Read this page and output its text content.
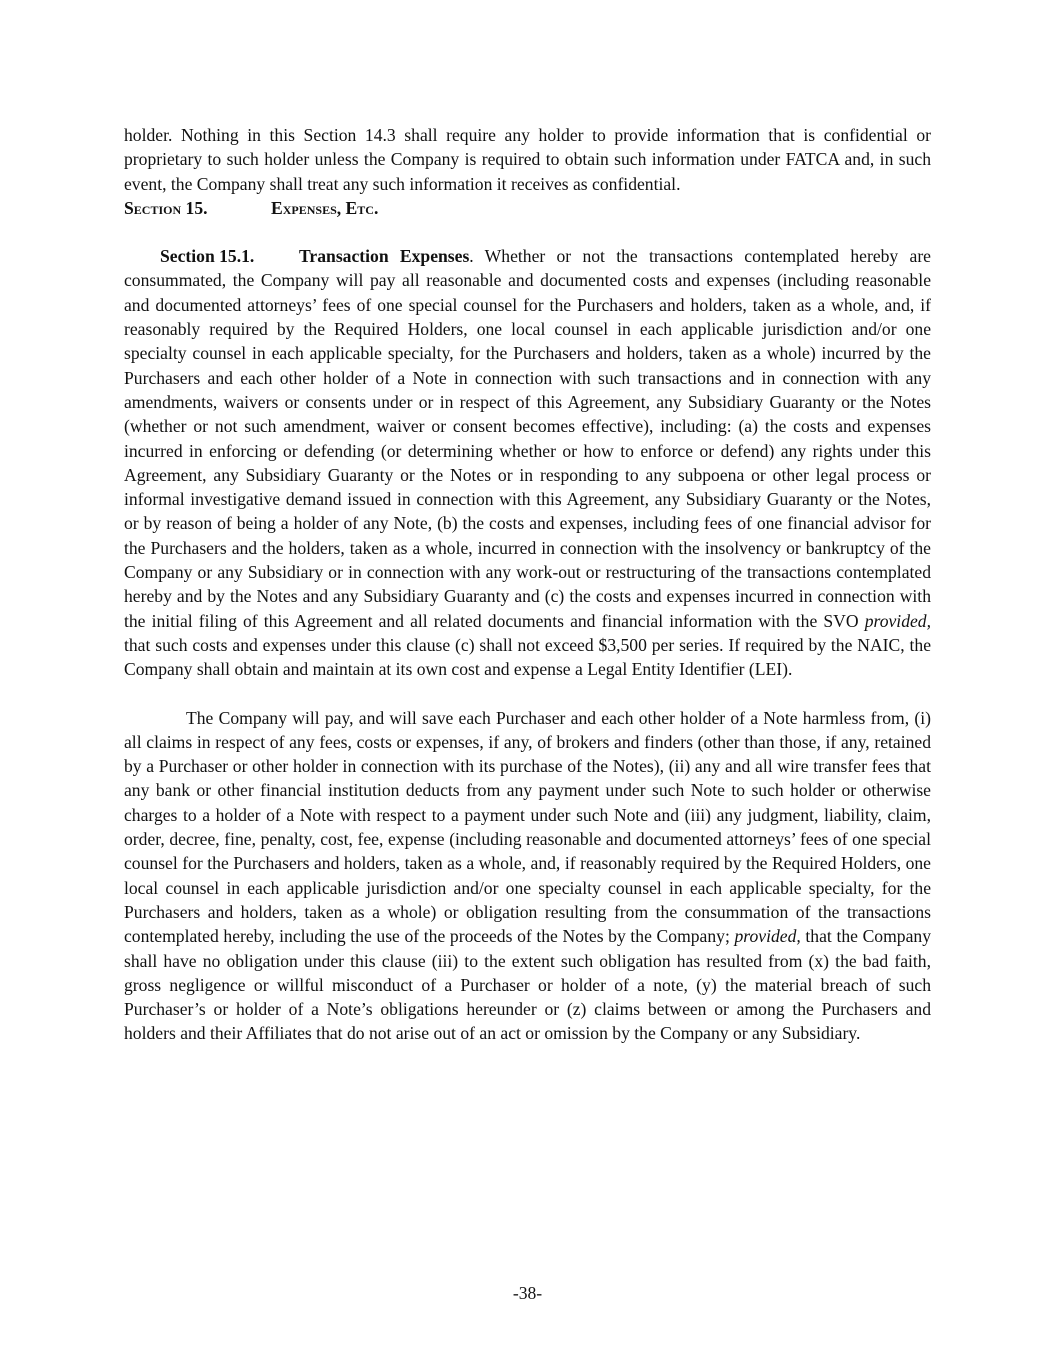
holder. Nothing in this Section 14.3 shall require any holder to provide information that is confidential or proprietary to such holder unless the Company is required to obtain such information under FATCA and, in such event, the Company shall treat any such information it receives as confidential.

Section 15.	Expenses, Etc.

Section 15.1.	Transaction Expenses. Whether or not the transactions contemplated hereby are consummated, the Company will pay all reasonable and documented costs and expenses (including reasonable and documented attorneys’ fees of one special counsel for the Purchasers and holders, taken as a whole, and, if reasonably required by the Required Holders, one local counsel in each applicable jurisdiction and/or one specialty counsel in each applicable specialty, for the Purchasers and holders, taken as a whole) incurred by the Purchasers and each other holder of a Note in connection with such transactions and in connection with any amendments, waivers or consents under or in respect of this Agreement, any Subsidiary Guaranty or the Notes (whether or not such amendment, waiver or consent becomes effective), including: (a) the costs and expenses incurred in enforcing or defending (or determining whether or how to enforce or defend) any rights under this Agreement, any Subsidiary Guaranty or the Notes or in responding to any subpoena or other legal process or informal investigative demand issued in connection with this Agreement, any Subsidiary Guaranty or the Notes, or by reason of being a holder of any Note, (b) the costs and expenses, including fees of one financial advisor for the Purchasers and the holders, taken as a whole, incurred in connection with the insolvency or bankruptcy of the Company or any Subsidiary or in connection with any work-out or restructuring of the transactions contemplated hereby and by the Notes and any Subsidiary Guaranty and (c) the costs and expenses incurred in connection with the initial filing of this Agreement and all related documents and financial information with the SVO provided, that such costs and expenses under this clause (c) shall not exceed $3,500 per series. If required by the NAIC, the Company shall obtain and maintain at its own cost and expense a Legal Entity Identifier (LEI).

The Company will pay, and will save each Purchaser and each other holder of a Note harmless from, (i) all claims in respect of any fees, costs or expenses, if any, of brokers and finders (other than those, if any, retained by a Purchaser or other holder in connection with its purchase of the Notes), (ii) any and all wire transfer fees that any bank or other financial institution deducts from any payment under such Note to such holder or otherwise charges to a holder of a Note with respect to a payment under such Note and (iii) any judgment, liability, claim, order, decree, fine, penalty, cost, fee, expense (including reasonable and documented attorneys’ fees of one special counsel for the Purchasers and holders, taken as a whole, and, if reasonably required by the Required Holders, one local counsel in each applicable jurisdiction and/or one specialty counsel in each applicable specialty, for the Purchasers and holders, taken as a whole) or obligation resulting from the consummation of the transactions contemplated hereby, including the use of the proceeds of the Notes by the Company; provided, that the Company shall have no obligation under this clause (iii) to the extent such obligation has resulted from (x) the bad faith, gross negligence or willful misconduct of a Purchaser or holder of a note, (y) the material breach of such Purchaser’s or holder of a Note’s obligations hereunder or (z) claims between or among the Purchasers and holders and their Affiliates that do not arise out of an act or omission by the Company or any Subsidiary.

-38-
